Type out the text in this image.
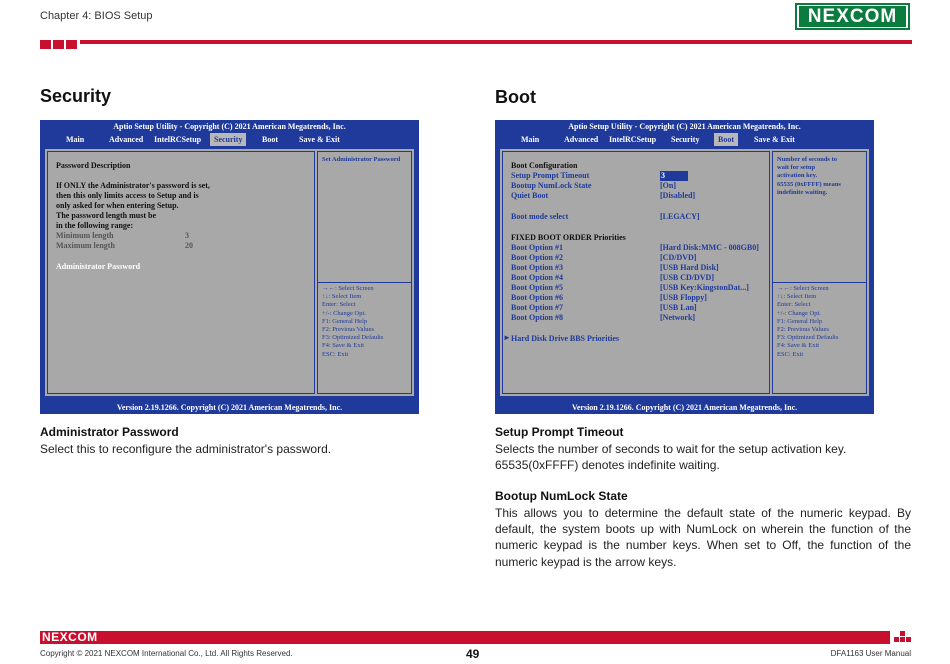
Chapter 4: BIOS Setup	NE X COM
Security
Aptio Setup Utility - Copyright (C) 2021 American Megatrends, Inc.
Main	Advanced	IntelRCSetup	Security	Boot	Save & Exit
Password Description
If ONLY the Administrator's password is set,
then this only limits access to Setup and is
only asked for when entering Setup.
The password length must be
in the following range:
Minimum length	3
Maximum length	20
Administrator Password
Set Administrator Password
→←: Select Screen
↑↓: Select Item
Enter: Select
+/-: Change Opt.
F1: General Help
F2: Previous Values
F3: Optimized Defaults
F4: Save & Exit
ESC: Exit
Version 2.19.1266. Copyright (C) 2021 American Megatrends, Inc.
Administrator Password
Select this to reconfigure the administrator's password.
Boot
Aptio Setup Utility - Copyright (C) 2021 American Megatrends, Inc.
Main	Advanced	IntelRCSetup	Security	Boot	Save & Exit
Boot Configuration
Setup Prompt Timeout	3
Bootup NumLock State	[On]
Quiet Boot	[Disabled]
Boot mode select	[LEGACY]
FIXED BOOT ORDER Priorities
Boot Option #1	[Hard Disk:MMC - 008GB0]
Boot Option #2	[CD/DVD]
Boot Option #3	[USB Hard Disk]
Boot Option #4	[USB CD/DVD]
Boot Option #5	[USB Key:KingstonDat...]
Boot Option #6	[USB Floppy]
Boot Option #7	[USB Lan]
Boot Option #8	[Network]
► Hard Disk Drive BBS Priorities
Number of seconds to
wait for setup
activation key.
65535 (0xFFFF) means
indefinite waiting.
→←: Select Screen
↑↓: Select Item
Enter: Select
+/-: Change Opt.
F1: General Help
F2: Previous Values
F3: Optimized Defaults
F4: Save & Exit
ESC: Exit
Version 2.19.1266. Copyright (C) 2021 American Megatrends, Inc.
Setup Prompt Timeout
Selects the number of seconds to wait for the setup activation key. 65535(0xFFFF) denotes indefinite waiting.
Bootup NumLock State
This allows you to determine the default state of the numeric keypad. By default, the system boots up with NumLock on wherein the function of the numeric keypad is the number keys. When set to Off, the function of the numeric keypad is the arrow keys.
NEXCOM
Copyright © 2021 NEXCOM International Co., Ltd. All Rights Reserved.	49	DFA1163 User Manual
